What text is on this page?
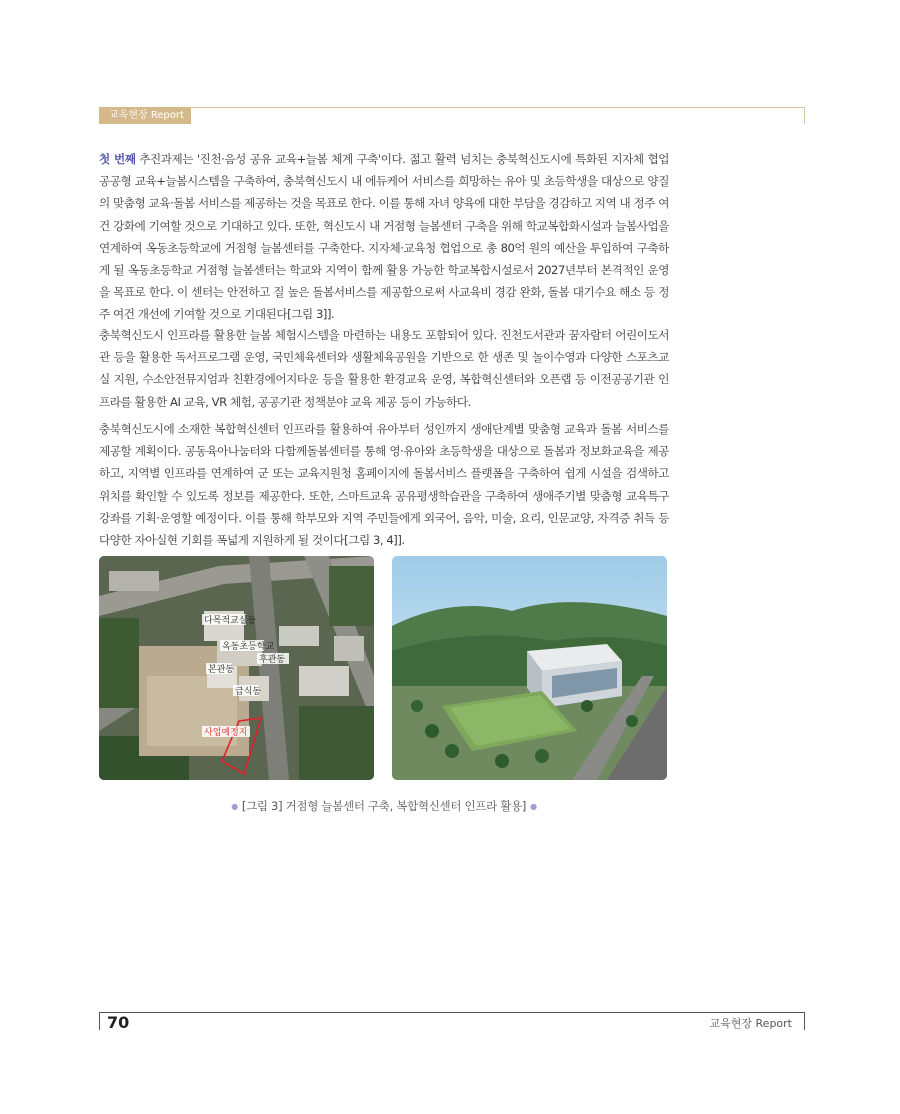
교육현장 Report

첫 번째 추진과제는 '진천·음성 공유 교육+늘봄 체계 구축'이다. 젊고 활력 넘치는 충북혁신도시에 특화된 지자체 협업 공공형 교육+늘봄시스템을 구축하여, 충북혁신도시 내 에듀케어 서비스를 희망하는 유아 및 초등학생을 대상으로 양질의 맞춤형 교육·돌봄 서비스를 제공하는 것을 목표로 한다. 이를 통해 자녀 양육에 대한 부담을 경감하고 지역 내 정주 여건 강화에 기여할 것으로 기대하고 있다. 또한, 혁신도시 내 거점형 늘봄센터 구축을 위해 학교복합화시설과 늘봄사업을 연계하여 옥동초등학교에 거점형 늘봄센터를 구축한다. 지자체·교육청 협업으로 총 80억 원의 예산을 투입하여 구축하게 될 옥동초등학교 거점형 늘봄센터는 학교와 지역이 함께 활용 가능한 학교복합시설로서 2027년부터 본격적인 운영을 목표로 한다. 이 센터는 안전하고 질 높은 돌봄서비스를 제공함으로써 사교육비 경감 완화, 돌봄 대기수요 해소 등 정주 여건 개선에 기여할 것으로 기대된다[그림 3]].

충북혁신도시 인프라를 활용한 늘봄 체험시스템을 마련하는 내용도 포함되어 있다. 진천도서관과 꿈자람터 어린이도서관 등을 활용한 독서프로그램 운영, 국민체육센터와 생활체육공원을 기반으로 한 생존 및 놀이수영과 다양한 스포츠교실 지원, 수소안전뮤지엄과 친환경에어지타운 등을 활용한 환경교육 운영, 복합혁신센터와 오픈랩 등 이전공공기관 인프라를 활용한 AI 교육, VR 체험, 공공기관 정책분야 교육 제공 등이 가능하다.

충북혁신도시에 소재한 복합혁신센터 인프라를 활용하여 유아부터 성인까지 생애단계별 맞춤형 교육과 돌봄 서비스를 제공할 계획이다. 공동육아나눔터와 다함께돌봄센터를 통해 영·유아와 초등학생을 대상으로 돌봄과 정보화교육을 제공하고, 지역별 인프라를 연계하여 군 또는 교육지원청 홈페이지에 돌봄서비스 플랫폼을 구축하여 쉽게 시설을 검색하고 위치를 확인할 수 있도록 정보를 제공한다. 또한, 스마트교육 공유평생학습관을 구축하여 생애주기별 맞춤형 교육특구 강좌를 기획·운영할 예정이다. 이를 통해 학부모와 지역 주민들에게 외국어, 음악, 미술, 요리, 인문교양, 자격증 취득 등 다양한 자아실현 기회를 폭넓게 지원하게 될 것이다[그림 3, 4]].

다목적교실동
옥동초등학교
후관동
본관동
급식동
사업예정지
● [그림 3] 거점형 늘봄센터 구축, 복합혁신센터 인프라 활용] ●
70	교육현장 Report
